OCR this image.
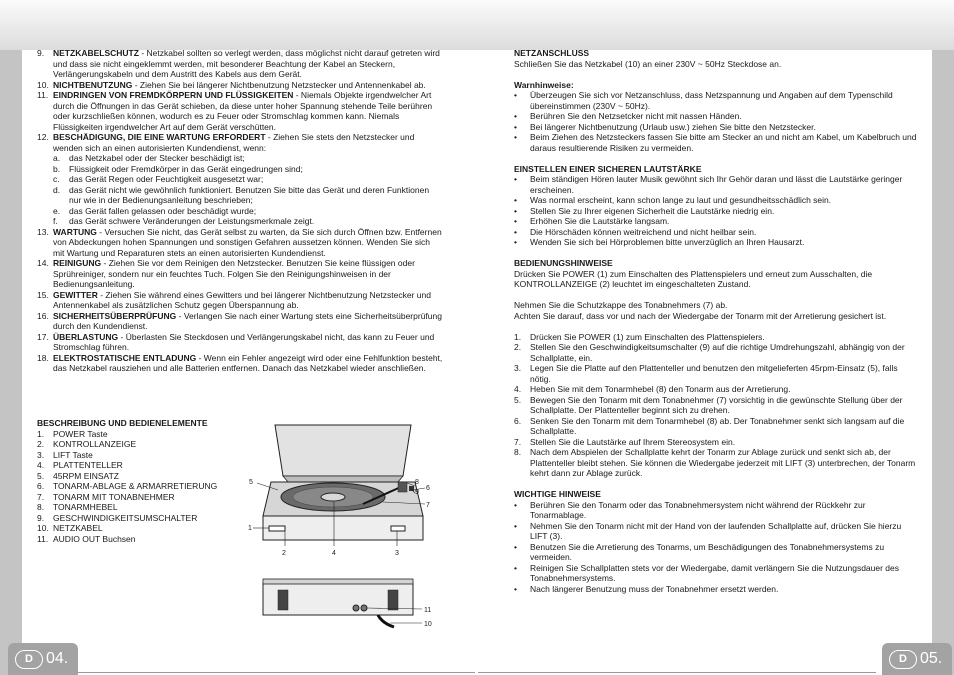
9. NETZKABELSCHUTZ - Netzkabel sollten so verlegt werden, dass möglichst nicht darauf getreten wird und dass sie nicht eingeklemmt werden, mit besonderer Beachtung der Kabel an Steckern, Verlängerungskabeln und dem Austritt des Kabels aus dem Gerät.
10. NICHTBENUTZUNG - Ziehen Sie bei längerer Nichtbenutzung Netzstecker und Antennenkabel ab.
11. EINDRINGEN VON FREMDKÖRPERN UND FLÜSSIGKEITEN - Niemals Objekte irgendwelcher Art durch die Öffnungen in das Gerät schieben, da diese unter hoher Spannung stehende Teile berühren oder kurzschließen können, wodurch es zu Feuer oder Stromschlag kommen kann. Niemals Flüssigkeiten irgendwelcher Art auf dem Gerät verschütten.
12. BESCHÄDIGUNG, DIE EINE WARTUNG ERFORDERT - Ziehen Sie stets den Netzstecker und wenden sich an einen autorisierten Kundendienst, wenn:
a. das Netzkabel oder der Stecker beschädigt ist;
b. Flüssigkeit oder Fremdkörper in das Gerät eingedrungen sind;
c. das Gerät Regen oder Feuchtigkeit ausgesetzt war;
d. das Gerät nicht wie gewöhnlich funktioniert. Benutzen Sie bitte das Gerät und deren Funktionen nur wie in der Bedienungsanleitung beschrieben;
e. das Gerät fallen gelassen oder beschädigt wurde;
f. das Gerät schwere Veränderungen der Leistungsmerkmale zeigt.
13. WARTUNG - Versuchen Sie nicht, das Gerät selbst zu warten, da Sie sich durch Öffnen bzw. Entfernen von Abdeckungen hohen Spannungen und sonstigen Gefahren aussetzen können. Wenden Sie sich mit Wartung und Reparaturen stets an einen autorisierten Kundendienst.
14. REINIGUNG - Ziehen Sie vor dem Reinigen den Netzstecker. Benutzen Sie keine flüssigen oder Sprühreiniger, sondern nur ein feuchtes Tuch. Folgen Sie den Reinigungshinweisen in der Bedienungsanleitung.
15. GEWITTER - Ziehen Sie während eines Gewitters und bei längerer Nichtbenutzung Netzstecker und Antennenkabel als zusätzlichen Schutz gegen Überspannung ab.
16. SICHERHEITSÜBERPRÜFUNG - Verlangen Sie nach einer Wartung stets eine Sicherheitsüberprüfung durch den Kundendienst.
17. ÜBERLASTUNG - Überlasten Sie Steckdosen und Verlängerungskabel nicht, das kann zu Feuer und Stromschlag führen.
18. ELEKTROSTATISCHE ENTLADUNG - Wenn ein Fehler angezeigt wird oder eine Fehlfunktion besteht, das Netzkabel rausziehen und alle Batterien entfernen. Danach das Netzkabel wieder anschließen.
BESCHREIBUNG UND BEDIENELEMENTE
1. POWER Taste
2. KONTROLLANZEIGE
3. LIFT Taste
4. PLATTENTELLER
5. 45RPM EINSATZ
6. TONARM-ABLAGE & ARMARRETIERUNG
7. TONARM MIT TONABNEHMER
8. TONARMHEBEL
9. GESCHWINDIGKEITSUMSCHALTER
10. NETZKABEL
11. AUDIO OUT Buchsen
5	8
9
6
7
1
2	4	3
11
10
NETZANSCHLUSS
Schließen Sie das Netzkabel (10) an einer 230V ~ 50Hz Steckdose an.
Warnhinweise:
• Überzeugen Sie sich vor Netzanschluss, dass Netzspannung und Angaben auf dem Typenschild übereinstimmen (230V ~ 50Hz).
• Berühren Sie den Netzsetcker nicht mit nassen Händen.
• Bei längerer Nichtbenutzung (Urlaub usw.) ziehen Sie bitte den Netzstecker.
• Beim Ziehen des Netzsteckers fassen Sie bitte am Stecker an und nicht am Kabel, um Kabelbruch und daraus resultierende Risiken zu vermeiden.
EINSTELLEN EINER SICHEREN LAUTSTÄRKE
• Beim ständigen Hören lauter Musik gewöhnt sich Ihr Gehör daran und lässt die Lautstärke geringer erscheinen.
• Was normal erscheint, kann schon lange zu laut und gesundheitsschädlich sein.
• Stellen Sie zu Ihrer eigenen Sicherheit die Lautstärke niedrig ein.
• Erhöhen Sie die Lautstärke langsam.
• Die Hörschäden können weitreichend und nicht heilbar sein.
• Wenden Sie sich bei Hörproblemen bitte unverzüglich an Ihren Hausarzt.
BEDIENUNGSHINWEISE
Drücken Sie POWER (1) zum Einschalten des Plattenspielers und erneut zum Ausschalten, die KONTROLLANZEIGE (2) leuchtet im eingeschalteten Zustand.
Nehmen Sie die Schutzkappe des Tonabnehmers (7) ab.
Achten Sie darauf, dass vor und nach der Wiedergabe der Tonarm mit der Arretierung gesichert ist.
1. Drücken Sie POWER (1) zum Einschalten des Plattenspielers.
2. Stellen Sie den Geschwindigkeitsumschalter (9) auf die richtige Umdrehungszahl, abhängig von der Schallplatte, ein.
3. Legen Sie die Platte auf den Plattenteller und benutzen den mitgelieferten 45rpm-Einsatz (5), falls nötig.
4. Heben Sie mit dem Tonarmhebel (8) den Tonarm aus der Arretierung.
5. Bewegen Sie den Tonarm mit dem Tonabnehmer (7) vorsichtig in die gewünschte Stellung über der Schallplatte. Der Plattenteller beginnt sich zu drehen.
6. Senken Sie den Tonarm mit dem Tonarmhebel (8) ab. Der Tonabnehmer senkt sich langsam auf die Schallplatte.
7. Stellen Sie die Lautstärke auf Ihrem Stereosystem ein.
8. Nach dem Abspielen der Schallplatte kehrt der Tonarm zur Ablage zurück und senkt sich ab, der Plattenteller bleibt stehen. Sie können die Wiedergabe jederzeit mit LIFT (3) unterbrechen, der Tonarm kehrt dann zur Ablage zurück.
WICHTIGE HINWEISE
• Berühren Sie den Tonarm oder das Tonabnehmersystem nicht während der Rückkehr zur Tonarmablage.
• Nehmen Sie den Tonarm nicht mit der Hand von der laufenden Schallplatte auf, drücken Sie hierzu LIFT (3).
• Benutzen Sie die Arretierung des Tonarms, um Beschädigungen des Tonabnehmersystems zu vermeiden.
• Reinigen Sie Schallplatten stets vor der Wiedergabe, damit verlängern Sie die Nutzungsdauer des Tonabnehmersystems.
• Nach längerer Benutzung muss der Tonabnehmer ersetzt werden.
D 04.	D 05.
